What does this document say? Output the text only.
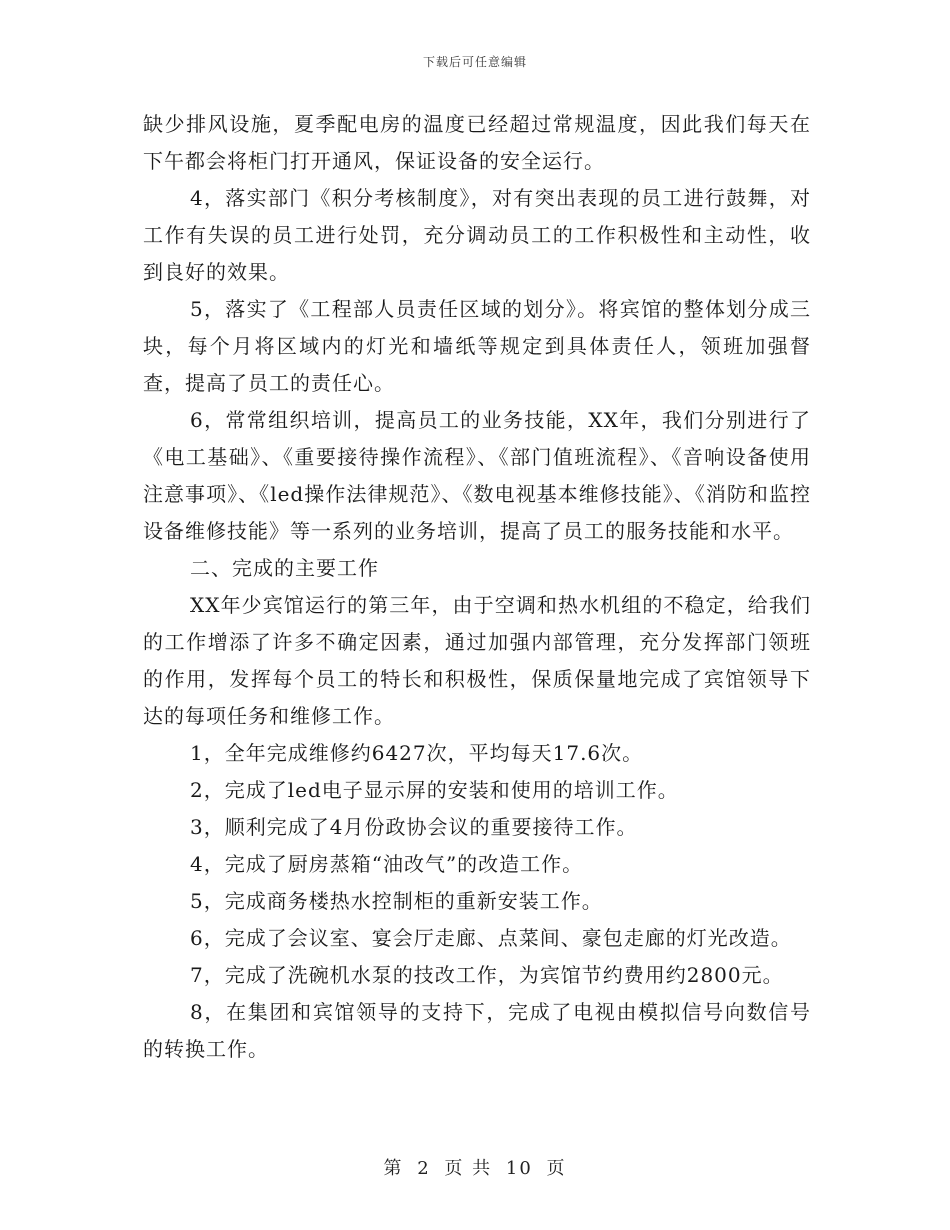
下载后可任意编辑

缺少排风设施，夏季配电房的温度已经超过常规温度，因此我们每天在下午都会将柜门打开通风，保证设备的安全运行。

4，落实部门《积分考核制度》，对有突出表现的员工进行鼓舞，对工作有失误的员工进行处罚，充分调动员工的工作积极性和主动性，收到良好的效果。

5，落实了《工程部人员责任区域的划分》。将宾馆的整体划分成三块，每个月将区域内的灯光和墙纸等规定到具体责任人，领班加强督查，提高了员工的责任心。

6，常常组织培训，提高员工的业务技能，XX年，我们分别进行了《电工基础》、《重要接待操作流程》、《部门值班流程》、《音响设备使用注意事项》、《led操作法律规范》、《数电视基本维修技能》、《消防和监控设备维修技能》等一系列的业务培训，提高了员工的服务技能和水平。

二、完成的主要工作

XX年少宾馆运行的第三年，由于空调和热水机组的不稳定，给我们的工作增添了许多不确定因素，通过加强内部管理，充分发挥部门领班的作用，发挥每个员工的特长和积极性，保质保量地完成了宾馆领导下达的每项任务和维修工作。

1，全年完成维修约6427次，平均每天17.6次。

2，完成了led电子显示屏的安装和使用的培训工作。

3，顺利完成了4月份政协会议的重要接待工作。

4，完成了厨房蒸箱“油改气”的改造工作。

5，完成商务楼热水控制柜的重新安装工作。

6，完成了会议室、宴会厅走廊、点菜间、豪包走廊的灯光改造。

7，完成了洗碗机水泵的技改工作，为宾馆节约费用约2800元。

8，在集团和宾馆领导的支持下，完成了电视由模拟信号向数信号的转换工作。

第 2 页 共 10 页
